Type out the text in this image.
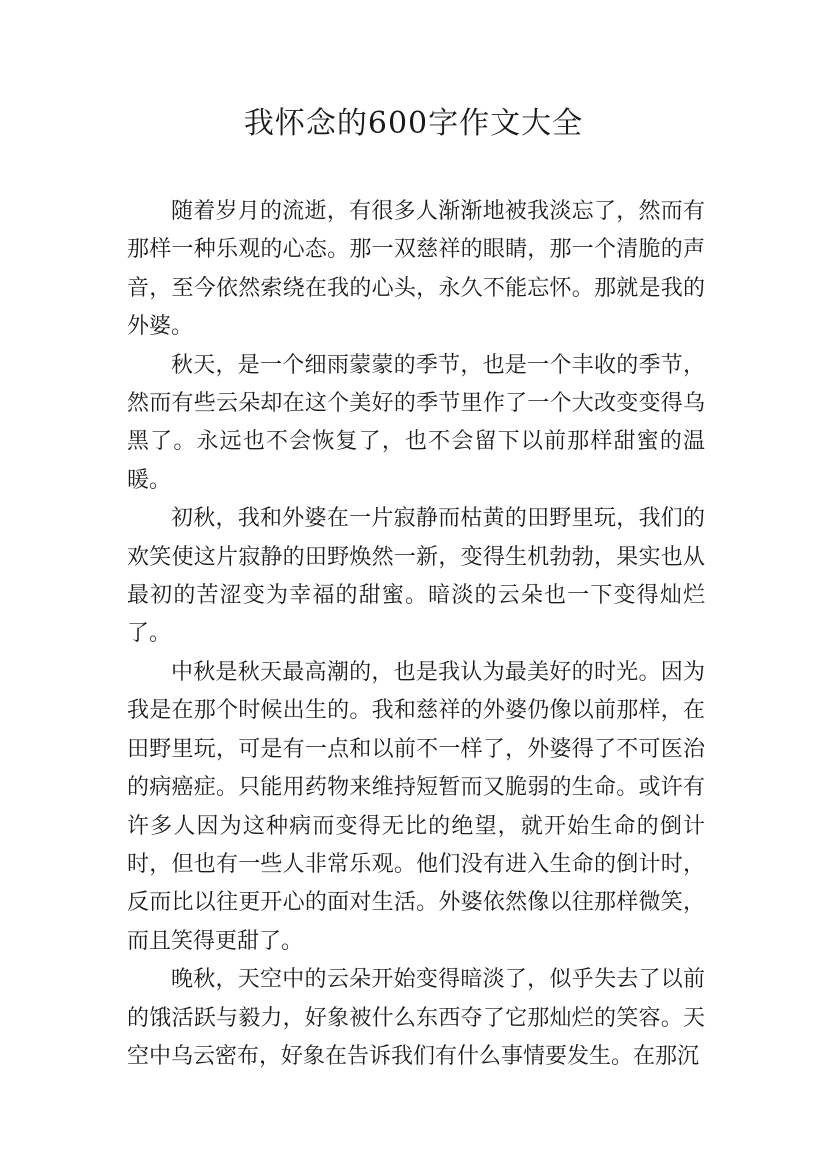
我怀念的600字作文大全

随着岁月的流逝，有很多人渐渐地被我淡忘了，然而有那样一种乐观的心态。那一双慈祥的眼睛，那一个清脆的声音，至今依然索绕在我的心头，永久不能忘怀。那就是我的外婆。

秋天，是一个细雨蒙蒙的季节，也是一个丰收的季节，然而有些云朵却在这个美好的季节里作了一个大改变变得乌黑了。永远也不会恢复了，也不会留下以前那样甜蜜的温暖。

初秋，我和外婆在一片寂静而枯黄的田野里玩，我们的欢笑使这片寂静的田野焕然一新，变得生机勃勃，果实也从最初的苦涩变为幸福的甜蜜。暗淡的云朵也一下变得灿烂了。

中秋是秋天最高潮的，也是我认为最美好的时光。因为我是在那个时候出生的。我和慈祥的外婆仍像以前那样，在田野里玩，可是有一点和以前不一样了，外婆得了不可医治的病癌症。只能用药物来维持短暂而又脆弱的生命。或许有许多人因为这种病而变得无比的绝望，就开始生命的倒计时，但也有一些人非常乐观。他们没有进入生命的倒计时，反而比以往更开心的面对生活。外婆依然像以往那样微笑，而且笑得更甜了。

晚秋，天空中的云朵开始变得暗淡了，似乎失去了以前的饿活跃与毅力，好象被什么东西夺了它那灿烂的笑容。天空中乌云密布，好象在告诉我们有什么事情要发生。在那沉
